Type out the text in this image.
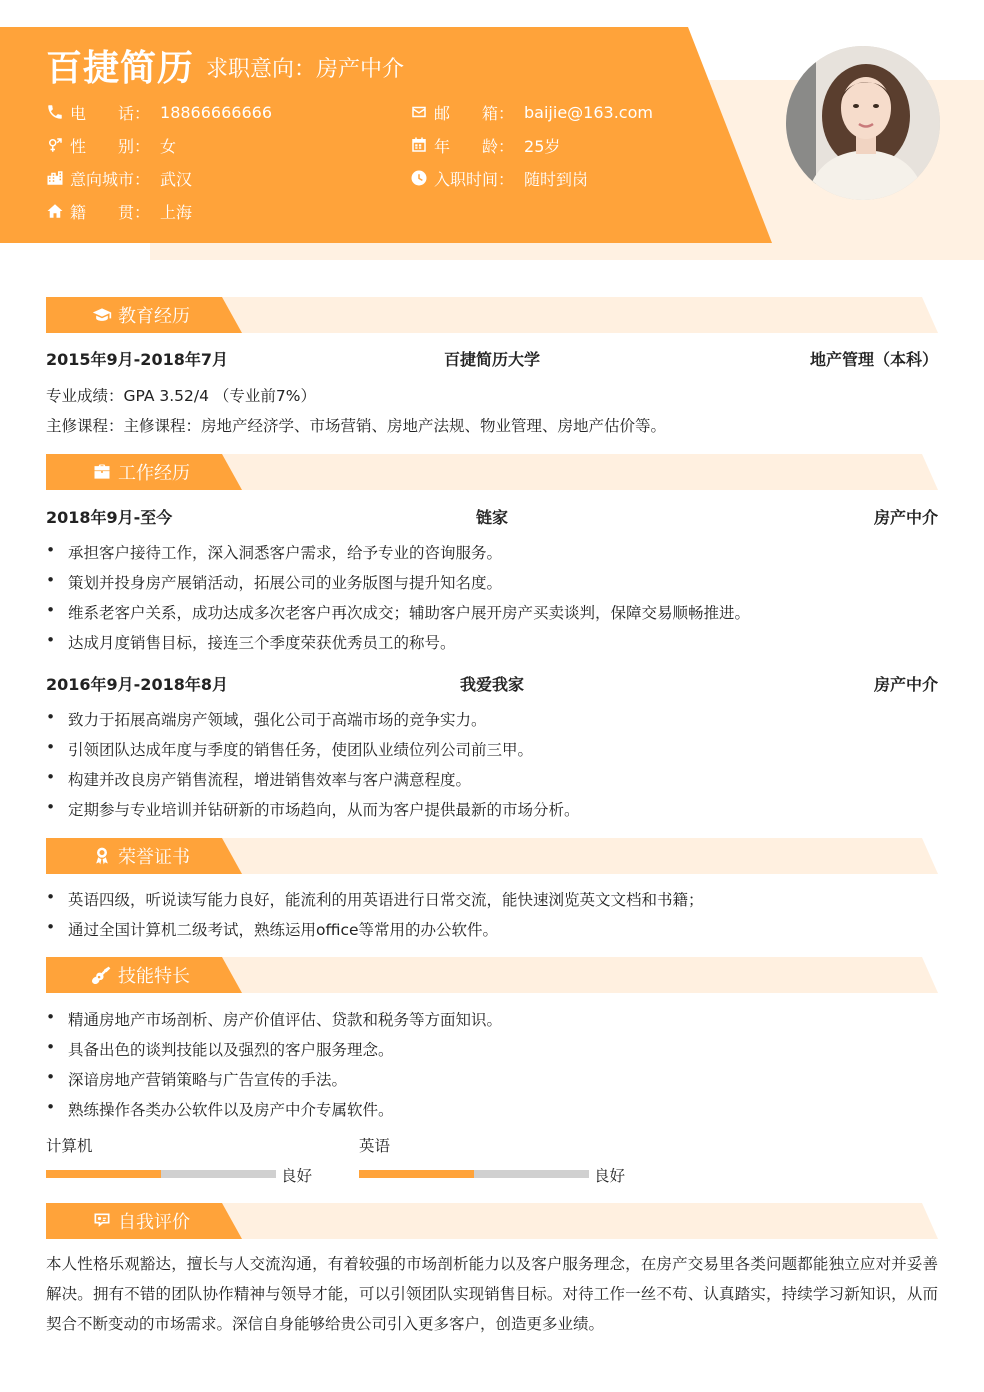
百捷简历 求职意向：房产中介
电　　话： 18866666666	邮　　箱： baijie@163.com
性　　别： 女	年　　龄： 25岁
意向城市： 武汉	入职时间： 随时到岗
籍　　贯： 上海
教育经历
2015年9月-2018年7月	百捷简历大学	地产管理（本科）
专业成绩：GPA 3.52/4 （专业前7%）
主修课程：主修课程：房地产经济学、市场营销、房地产法规、物业管理、房地产估价等。
工作经历
2018年9月-至今	链家	房产中介
• 承担客户接待工作，深入洞悉客户需求，给予专业的咨询服务。
• 策划并投身房产展销活动，拓展公司的业务版图与提升知名度。
• 维系老客户关系，成功达成多次老客户再次成交；辅助客户展开房产买卖谈判，保障交易顺畅推进。
• 达成月度销售目标，接连三个季度荣获优秀员工的称号。
2016年9月-2018年8月	我爱我家	房产中介
• 致力于拓展高端房产领域，强化公司于高端市场的竞争实力。
• 引领团队达成年度与季度的销售任务，使团队业绩位列公司前三甲。
• 构建并改良房产销售流程，增进销售效率与客户满意程度。
• 定期参与专业培训并钻研新的市场趋向，从而为客户提供最新的市场分析。
荣誉证书
• 英语四级，听说读写能力良好，能流利的用英语进行日常交流，能快速浏览英文文档和书籍；
• 通过全国计算机二级考试，熟练运用office等常用的办公软件。
技能特长
• 精通房地产市场剖析、房产价值评估、贷款和税务等方面知识。
• 具备出色的谈判技能以及强烈的客户服务理念。
• 深谙房地产营销策略与广告宣传的手法。
• 熟练操作各类办公软件以及房产中介专属软件。
计算机
良好
英语
良好
自我评价
本人性格乐观豁达，擅长与人交流沟通，有着较强的市场剖析能力以及客户服务理念，在房产交易里各类问题都能独立应对并妥善解决。拥有不错的团队协作精神与领导才能，可以引领团队实现销售目标。对待工作一丝不苟、认真踏实，持续学习新知识，从而契合不断变动的市场需求。深信自身能够给贵公司引入更多客户，创造更多业绩。
